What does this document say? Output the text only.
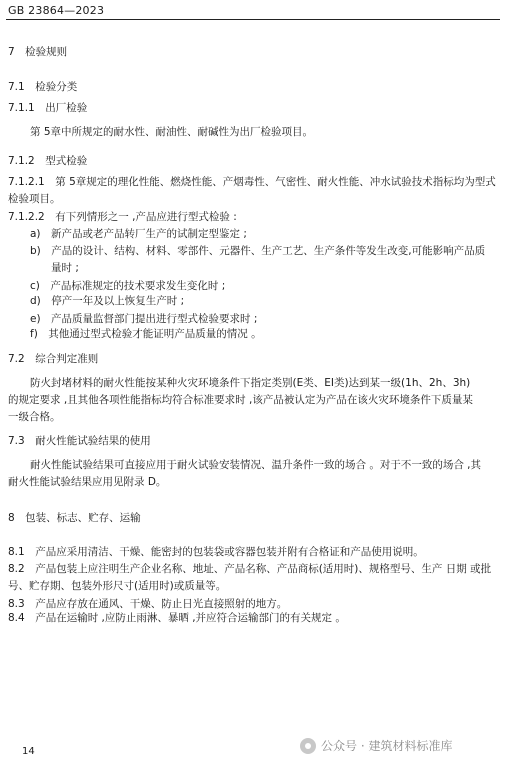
GB 23864—2023
7　检验规则
7.1　检验分类
7.1.1　出厂检验
第 5章中所规定的耐水性、耐油性、耐碱性为出厂检验项目。
7.1.2　型式检验
7.1.2.1　第 5章规定的理化性能、燃烧性能、产烟毒性、气密性、耐火性能、冲水试验技术指标均为型式
检验项目。
7.1.2.2　有下列情形之一 ,产品应进行型式检验 :
a)　新产品或老产品转厂生产的试制定型鉴定 ;
b)　产品的设计、结构、材料、零部件、元器件、生产工艺、生产条件等发生改变,可能影响产品质
量时 ;
c)　产品标准规定的技术要求发生变化时 ;
d)　停产一年及以上恢复生产时 ;
e)　产品质量监督部门提出进行型式检验要求时 ;
f)　其他通过型式检验才能证明产品质量的情况 。
7.2　综合判定准则
防火封堵材料的耐火性能按某种火灾环境条件下指定类别(E类、EI类)达到某一级(1h、2h、3h)
的规定要求 ,且其他各项性能指标均符合标准要求时 ,该产品被认定为产品在该火灾环境条件下质量某
一级合格。
7.3　耐火性能试验结果的使用
耐火性能试验结果可直接应用于耐火试验安装情况、温升条件一致的场合 。对于不一致的场合 ,其
耐火性能试验结果应用见附录 D。
8　包装、标志、贮存、运输
8.1　产品应采用清洁、干燥、能密封的包装袋或容器包装并附有合格证和产品使用说明。
8.2　产品包装上应注明生产企业名称、地址、产品名称、产品商标(适用时)、规格型号、生产 日期 或批
号、贮存期、包装外形尺寸(适用时)或质量等。
8.3　产品应存放在通风、干燥、防止日光直接照射的地方。
8.4　产品在运输时 ,应防止雨淋、暴晒 ,并应符合运输部门的有关规定 。
14	公众号 · 建筑材料标准库
